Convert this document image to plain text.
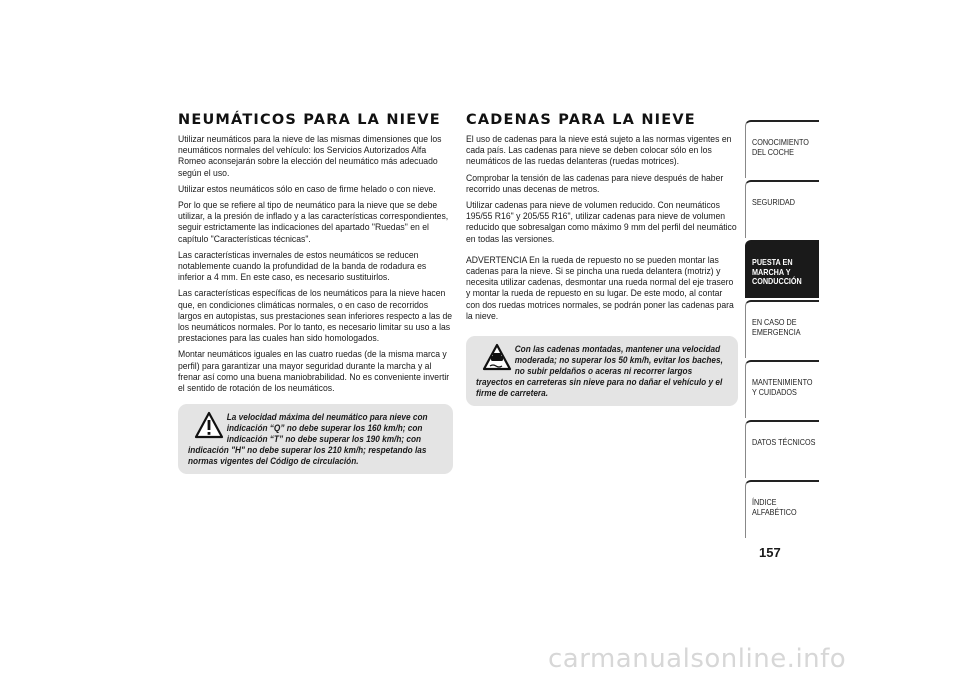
NEUMÁTICOS PARA LA NIEVE

Utilizar neumáticos para la nieve de las mismas dimensiones que los neumáticos normales del vehículo: los Servicios Autorizados Alfa Romeo aconsejarán sobre la elección del neumático más adecuado según el uso.

Utilizar estos neumáticos sólo en caso de firme helado o con nieve.

Por lo que se refiere al tipo de neumático para la nieve que se debe utilizar, a la presión de inflado y a las características correspondientes, seguir estrictamente las indicaciones del apartado "Ruedas" en el capítulo "Características técnicas".

Las características invernales de estos neumáticos se reducen notablemente cuando la profundidad de la banda de rodadura es inferior a 4 mm. En este caso, es necesario sustituirlos.

Las características específicas de los neumáticos para la nieve hacen que, en condiciones climáticas normales, o en caso de recorridos largos en autopistas, sus prestaciones sean inferiores respecto a las de los neumáticos normales. Por lo tanto, es necesario limitar su uso a las prestaciones para las cuales han sido homologados.

Montar neumáticos iguales en las cuatro ruedas (de la misma marca y perfil) para garantizar una mayor seguridad durante la marcha y al frenar así como una buena maniobrabilidad. No es conveniente invertir el sentido de rotación de los neumáticos.

La velocidad máxima del neumático para nieve con indicación “Q” no debe superar los 160 km/h; con indicación “T” no debe superar los 190 km/h; con indicación "H" no debe superar los 210 km/h; respetando las normas vigentes del Código de circulación.
CADENAS PARA LA NIEVE

El uso de cadenas para la nieve está sujeto a las normas vigentes en cada país. Las cadenas para nieve se deben colocar sólo en los neumáticos de las ruedas delanteras (ruedas motrices).

Comprobar la tensión de las cadenas para nieve después de haber recorrido unas decenas de metros.

Utilizar cadenas para nieve de volumen reducido. Con neumáticos 195/55 R16" y 205/55 R16", utilizar cadenas para nieve de volumen reducido que sobresalgan como máximo 9 mm del perfil del neumático en todas las versiones.

ADVERTENCIA En la rueda de repuesto no se pueden montar las cadenas para la nieve. Si se pincha una rueda delantera (motriz) y necesita utilizar cadenas, desmontar una rueda normal del eje trasero y montar la rueda de repuesto en su lugar. De este modo, al contar con dos ruedas motrices normales, se podrán poner las cadenas para la nieve.

Con las cadenas montadas, mantener una velocidad moderada; no superar los 50 km/h, evitar los baches, no subir peldaños o aceras ni recorrer largos trayectos en carreteras sin nieve para no dañar el vehículo y el firme de carretera.
CONOCIMIENTO DEL COCHE
SEGURIDAD
PUESTA EN MARCHA Y CONDUCCIÓN
EN CASO DE EMERGENCIA
MANTENIMIENTO Y CUIDADOS
DATOS TÉCNICOS
ÍNDICE ALFABÉTICO
157
carmanualsonline.info
